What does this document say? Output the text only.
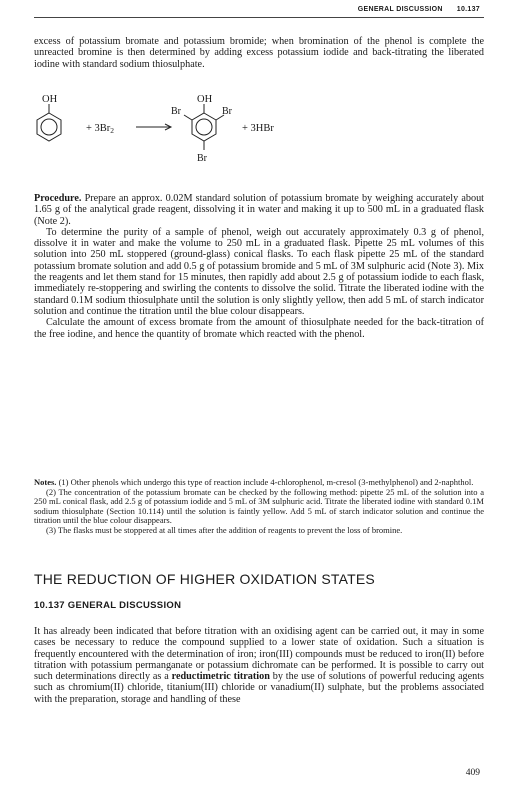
GENERAL DISCUSSION 10.137
excess of potassium bromate and potassium bromide; when bromination of the phenol is complete the unreacted bromine is then determined by adding excess potassium iodide and back-titrating the liberated iodine with standard sodium thiosulphate.
OH
+ 3Br2
OH
Br	Br
Br
+ 3HBr

Procedure. Prepare an approx. 0.02M standard solution of potassium bromate by weighing accurately about 1.65 g of the analytical grade reagent, dissolving it in water and making it up to 500 mL in a graduated flask (Note 2).

To determine the purity of a sample of phenol, weigh out accurately approximately 0.3 g of phenol, dissolve it in water and make the volume to 250 mL in a graduated flask. Pipette 25 mL volumes of this solution into 250 mL stoppered (ground-glass) conical flasks. To each flask pipette 25 mL of the standard potassium bromate solution and add 0.5 g of potassium bromide and 5 mL of 3M sulphuric acid (Note 3). Mix the reagents and let them stand for 15 minutes, then rapidly add about 2.5 g of potassium iodide to each flask, immediately re-stoppering and swirling the contents to dissolve the solid. Titrate the liberated iodine with the standard 0.1M sodium thiosulphate until the solution is only slightly yellow, then add 5 mL of starch indicator solution and continue the titration until the blue colour disappears.

Calculate the amount of excess bromate from the amount of thiosulphate needed for the back-titration of the free iodine, and hence the quantity of bromate which reacted with the phenol.

Notes. (1) Other phenols which undergo this type of reaction include 4-chlorophenol, m-cresol (3-methylphenol) and 2-naphthol.

(2) The concentration of the potassium bromate can be checked by the following method: pipette 25 mL of the solution into a 250 mL conical flask, add 2.5 g of potassium iodide and 5 mL of 3M sulphuric acid. Titrate the liberated iodine with standard 0.1M sodium thiosulphate (Section 10.114) until the solution is faintly yellow. Add 5 mL of starch indicator solution and continue the titration until the blue colour disappears.

(3) The flasks must be stoppered at all times after the addition of reagents to prevent the loss of bromine.

THE REDUCTION OF HIGHER OXIDATION STATES
10.137 GENERAL DISCUSSION
It has already been indicated that before titration with an oxidising agent can be carried out, it may in some cases be necessary to reduce the compound supplied to a lower state of oxidation. Such a situation is frequently encountered with the determination of iron; iron(III) compounds must be reduced to iron(II) before titration with potassium permanganate or potassium dichromate can be performed. It is possible to carry out such determinations directly as a reductimetric titration by the use of solutions of powerful reducing agents such as chromium(II) chloride, titanium(III) chloride or vanadium(II) sulphate, but the problems associated with the preparation, storage and handling of these
409
